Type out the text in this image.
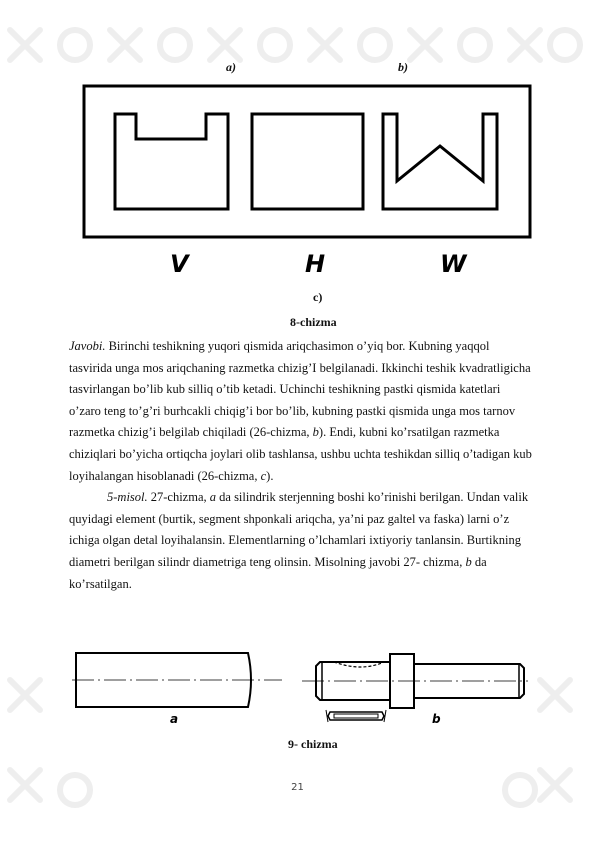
a)	b)
V	H	W
c)
8-chizma

Javobi. Birinchi teshikning yuqori qismida ariqchasimon o’yiq bor. Kubning yaqqol tasvirida unga mos ariqchaning razmetka chizig’I belgilanadi. Ikkinchi teshik kvadratligicha tasvirlangan bo’lib kub silliq o’tib ketadi. Uchinchi teshikning pastki qismida katetlari o’zaro teng to’g’ri burhcakli chiqig’i bor bo’lib, kubning pastki qismida unga mos tarnov razmetka chizig’i belgilab chiqiladi (26-chizma, b). Endi, kubni ko’rsatilgan razmetka chiziqlari bo’yicha ortiqcha joylari olib tashlansa, ushbu uchta teshikdan silliq o’tadigan kub loyihalangan hisoblanadi (26-chizma, c).

5-misol. 27-chizma, a da silindrik sterjenning boshi ko’rinishi berilgan. Undan valik quyidagi element (burtik, segment shponkali ariqcha, ya’ni paz galtel va faska) larni o’z ichiga olgan detal loyihalansin. Elementlarning o’lchamlari ixtiyoriy tanlansin. Burtikning diametri berilgan silindr diametriga teng olinsin. Misolning javobi 27- chizma, b da ko’rsatilgan.

a	b
9- chizma
21
